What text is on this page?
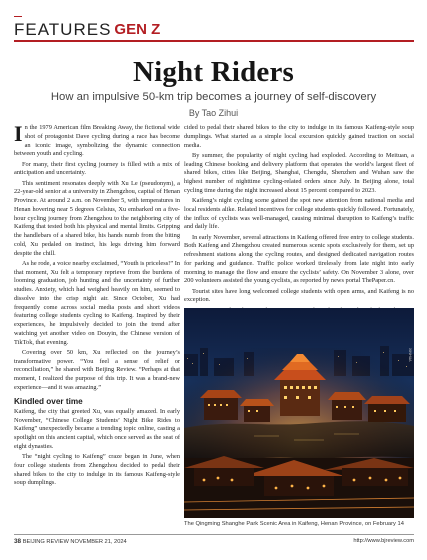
FEATURES GEN Z
Night Riders
How an impulsive 50-km trip becomes a journey of self-discovery
By Tao Zihui

In the 1979 American film Breaking Away, the fictional wide shot of protagonist Dave cycling during a race has become an iconic image, symbolizing the dynamic connection between youth and cycling.

For many, their first cycling journey is filled with a mix of anticipation and uncertainty.

This sentiment resonates deeply with Xu Le (pseudonym), a 22-year-old senior at a university in Zhengzhou, capital of Henan Province. At around 2 a.m. on November 5, with temperatures in Henan hovering near 5 degrees Celsius, Xu embarked on a five-hour cycling journey from Zhengzhou to the neighboring city of Kaifeng that tested both his physical and mental limits. Gripping the handlebars of a shared bike, his hands numb from the biting cold, Xu pedaled on instinct, his legs driving him forward despite the chill.

As he rode, a voice nearby exclaimed, “Youth is priceless!” In that moment, Xu felt a temporary reprieve from the burdens of looming graduation, job hunting and the uncertainty of further studies. Anxiety, which had weighed heavily on him, seemed to dissolve into the crisp night air. Since October, Xu had frequently come across social media posts and short videos featuring college students cycling to Kaifeng. Inspired by their experiences, he impulsively decided to join the trend after watching yet another video on Douyin, the Chinese version of TikTok, that evening.

Covering over 50 km, Xu reflected on the journey’s transformative power. “You feel a sense of relief or reconciliation,” he shared with Beijing Review. “Perhaps at that moment, I realized the purpose of this trip. It was a brand-new experience—and it was amazing.”

Kindled over time

Kaifeng, the city that greeted Xu, was equally amazed. In early November, “Chinese College Students’ Night Bike Rides to Kaifeng” unexpectedly became a trending topic online, casting a spotlight on this ancient capital, which once served as the seat of eight dynasties.

The “night cycling to Kaifeng” craze began in June, when four college students from Zhengzhou decided to pedal their shared bikes to the city to indulge in its famous Kaifeng-style soup dumplings.

cided to pedal their shared bikes to the city to indulge in its famous Kaifeng-style soup dumplings. What started as a simple local excursion quickly gained traction on social media.

By summer, the popularity of night cycling had exploded. According to Meituan, a leading Chinese booking and delivery platform that operates the world’s largest fleet of shared bikes, cities like Beijing, Shanghai, Chengdu, Shenzhen and Wuhan saw the highest number of nighttime cycling-related orders since July. In Beijing alone, total cycling time during the night increased about 15 percent compared to 2023.

Kaifeng’s night cycling scene gained the spot new attention from national media and local residents alike. Related incentives for college students quickly followed. Fortunately, the influx of cyclists was well-managed, causing minimal disruption to Kaifeng’s traffic and daily life.

In early November, several attractions in Kaifeng offered free entry to college students. Both Kaifeng and Zhengzhou created numerous scenic spots exclusively for them, set up refreshment stations along the cycling routes, and designed dedicated navigation routes for parking and guidance. Traffic police worked tirelessly from late night into early morning to manage the flow and ensure the cyclists’ safety. On November 3 alone, over 200 volunteers assisted the young cyclists, as reported by news portal ThePaper.cn.

Tourist sites have long welcomed college students with open arms, and Kaifeng is no exception.

XINHUA
The Qingming Shanghe Park Scenic Area in Kaifeng, Henan Province, on February 14
38 BEIJING REVIEW NOVEMBER 21, 2024	http://www.bjreview.com
